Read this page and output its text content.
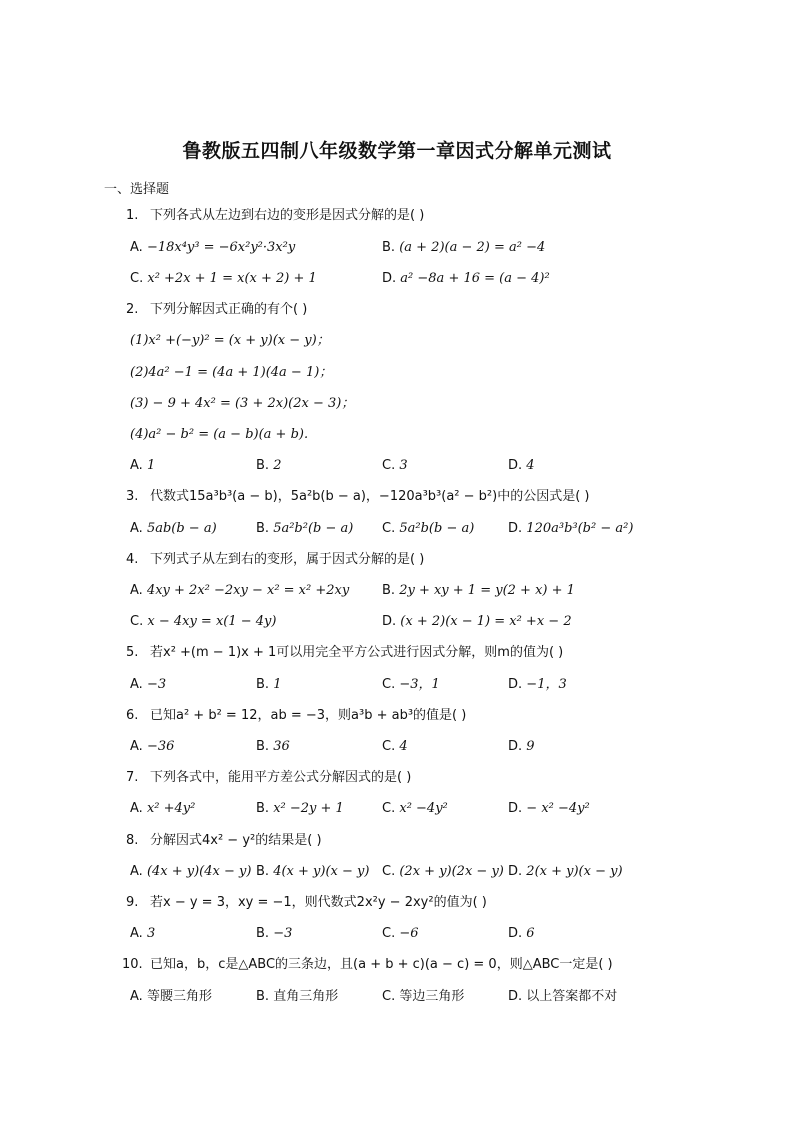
鲁教版五四制八年级数学第一章因式分解单元测试
一、选择题
1. 下列各式从左边到右边的变形是因式分解的是( )
A. −18x⁴y³ = −6x²y²·3x²y	B. (a + 2)(a − 2) = a² −4
C. x² +2x + 1 = x(x + 2) + 1	D. a² −8a + 16 = (a − 4)²
2. 下列分解因式正确的有个( )
(1)x² +(−y)² = (x + y)(x − y)；
(2)4a² −1 = (4a + 1)(4a − 1)；
(3) − 9 + 4x² = (3 + 2x)(2x − 3)；
(4)a² − b² = (a − b)(a + b).
A. 1	B. 2	C. 3	D. 4
3. 代数式15a³b³(a − b)，5a²b(b − a)，−120a³b³(a² − b²)中的公因式是( )
A. 5ab(b − a)	B. 5a²b²(b − a) C. 5a²b(b − a)	D. 120a³b³(b² − a²)
4. 下列式子从左到右的变形，属于因式分解的是( )
A. 4xy + 2x² −2xy − x² = x² +2xy	B. 2y + xy + 1 = y(2 + x) + 1
C. x − 4xy = x(1 − 4y)	D. (x + 2)(x − 1) = x² +x − 2
5. 若x² +(m − 1)x + 1可以用完全平方公式进行因式分解，则m的值为( )
A. −3	B. 1	C. −3，1	D. −1，3
6. 已知a² + b² = 12，ab = −3，则a³b + ab³的值是( )
A. −36	B. 36	C. 4	D. 9
7. 下列各式中，能用平方差公式分解因式的是( )
A. x² +4y²	B. x² −2y + 1	C. x² −4y²	D. − x² −4y²
8. 分解因式4x² − y²的结果是( )
A. (4x + y)(4x − y) B. 4(x + y)(x − y) C. (2x + y)(2x − y) D. 2(x + y)(x − y)
9. 若x − y = 3，xy = −1，则代数式2x²y − 2xy²的值为( )
A. 3	B. −3	C. −6	D. 6
10. 已知a，b，c是△ABC的三条边，且(a + b + c)(a − c) = 0，则△ABC一定是( )
A. 等腰三角形	B. 直角三角形	C. 等边三角形	D. 以上答案都不对
